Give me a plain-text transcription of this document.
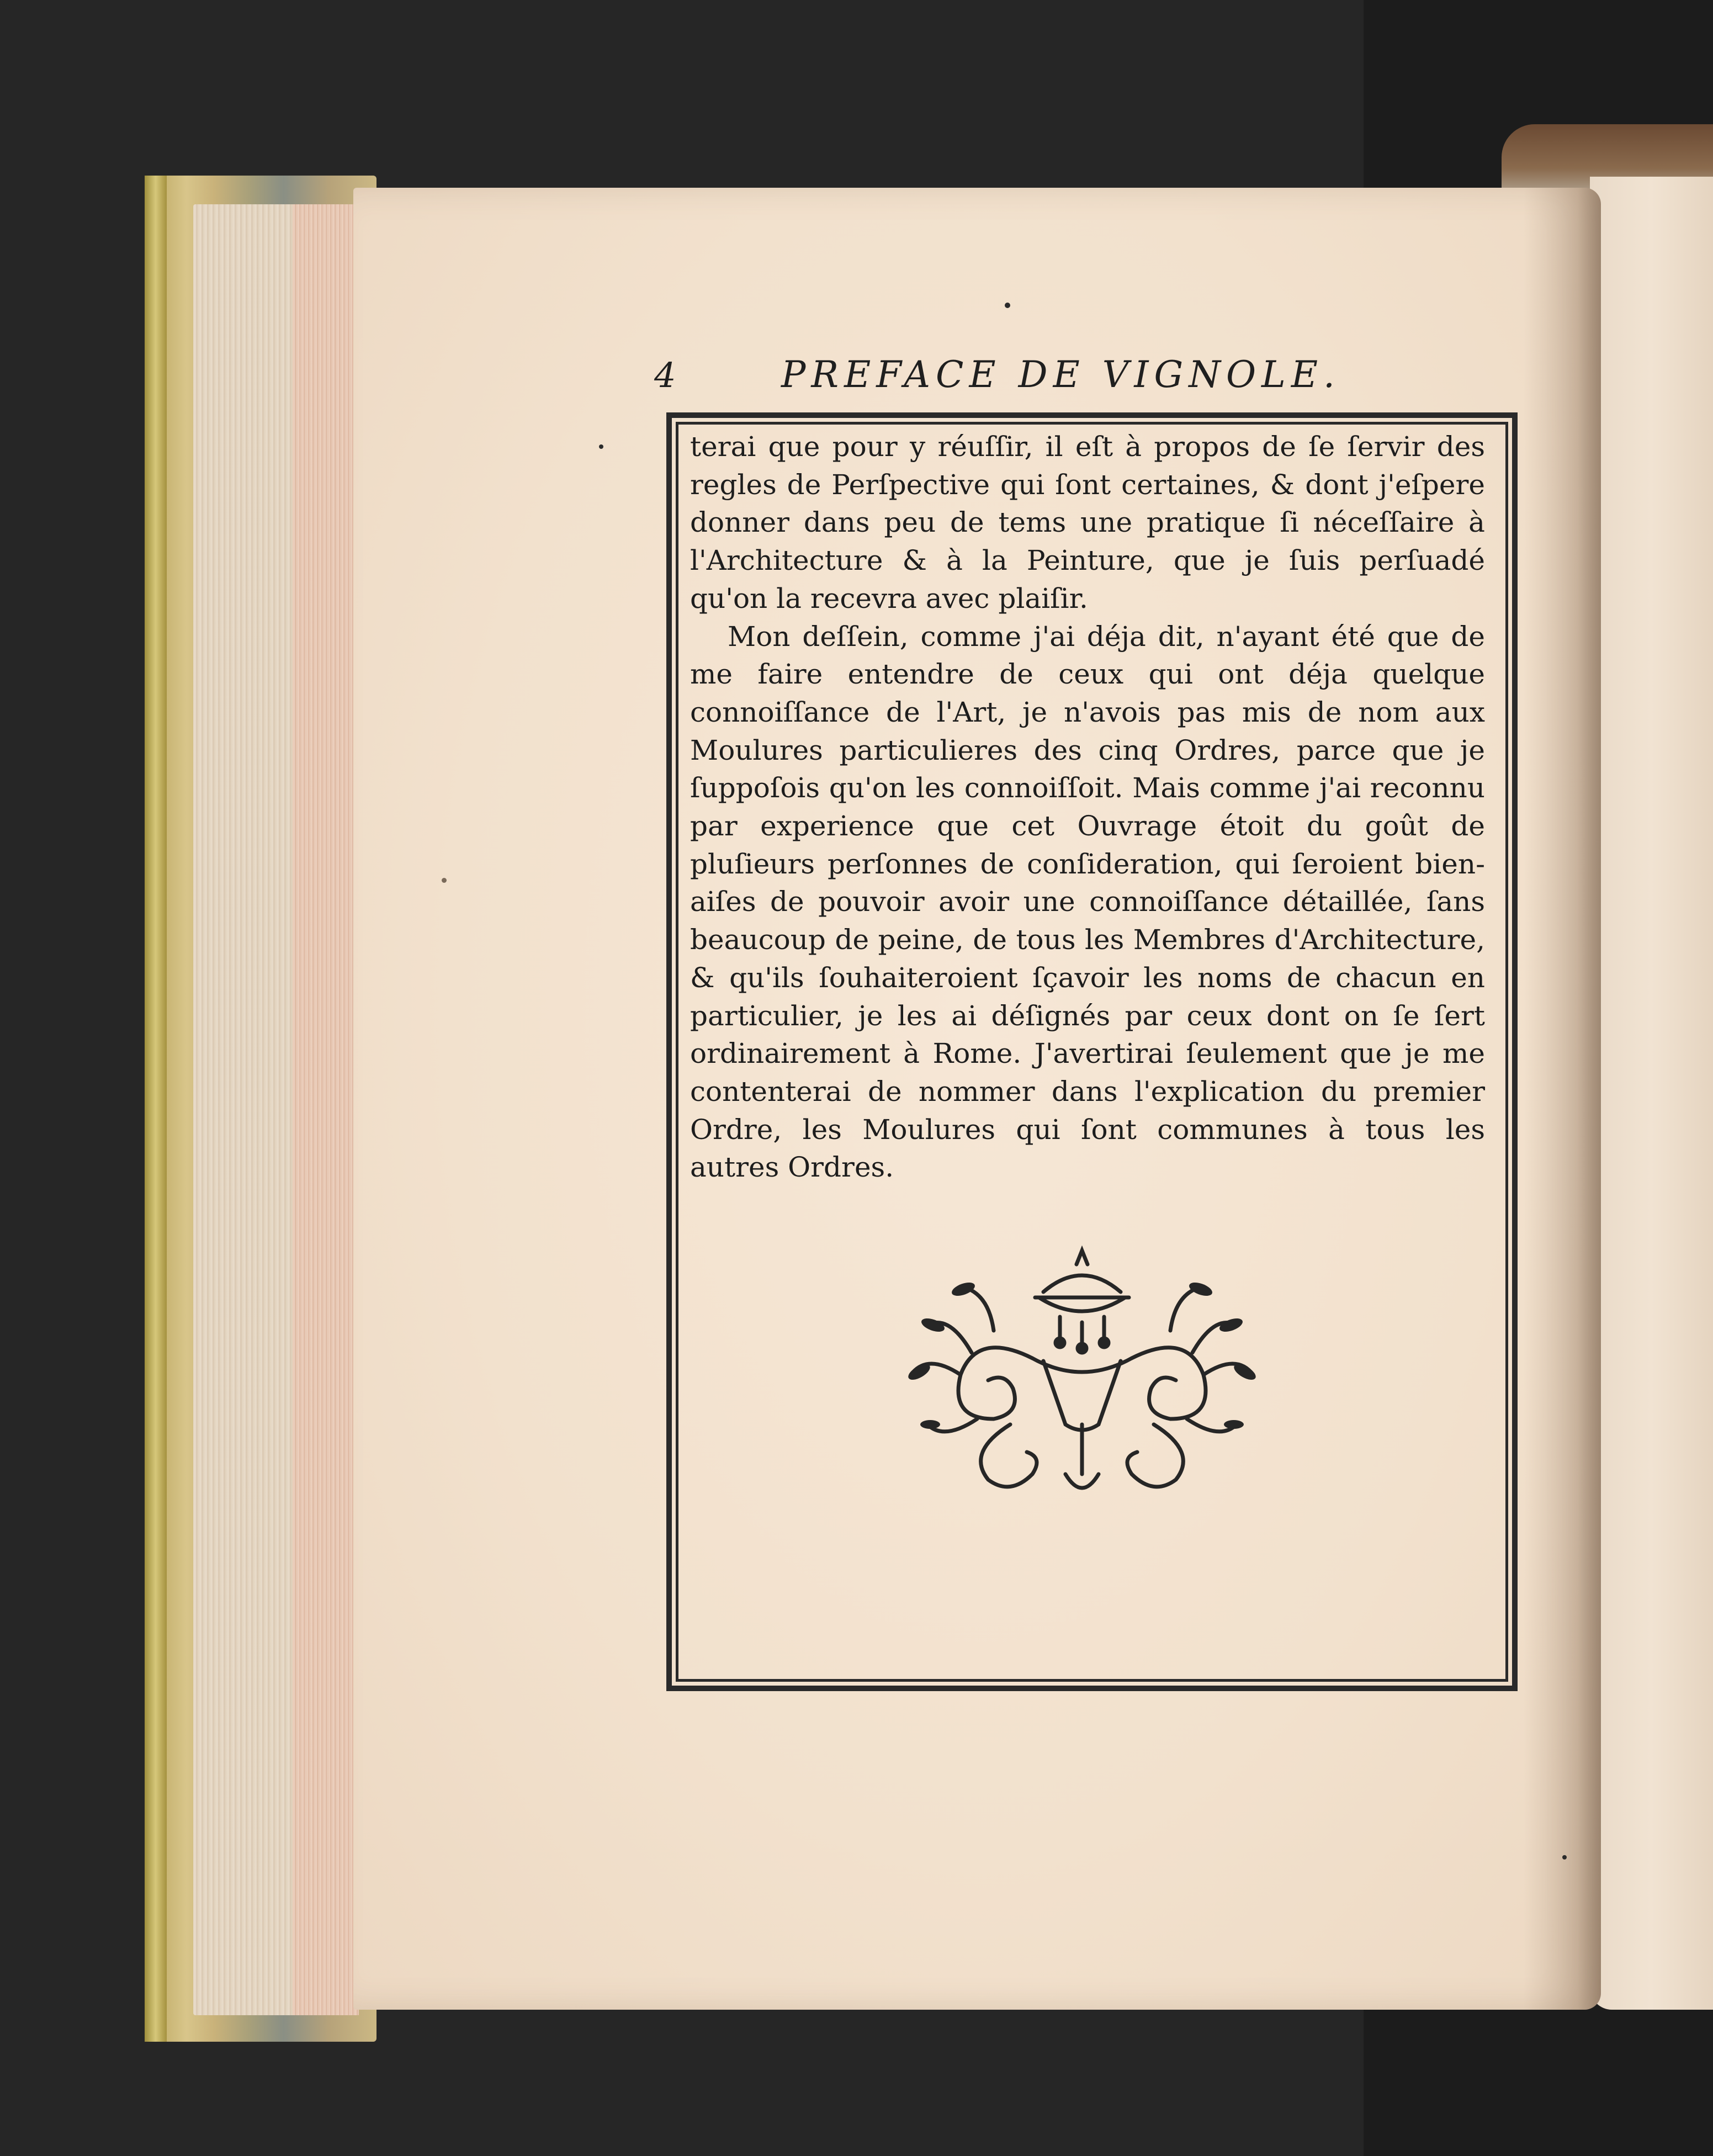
4	PREFACE DE VIGNOLE.

terai que pour y réuſſir, il eſt à propos de ſe ſervir des regles de Perſpective qui ſont certaines, & dont j'eſpere donner dans peu de tems une pratique ſi néceſſaire à l'Architecture & à la Peinture, que je ſuis perſuadé qu'on la recevra avec plaiſir.

Mon deſſein, comme j'ai déja dit, n'ayant été que de me faire entendre de ceux qui ont déja quelque connoiſſance de l'Art, je n'avois pas mis de nom aux Moulures particulieres des cinq Ordres, parce que je ſuppoſois qu'on les connoiſſoit. Mais comme j'ai reconnu par experience que cet Ouvrage étoit du goût de pluſieurs perſonnes de conſideration, qui ſeroient bien-aiſes de pouvoir avoir une connoiſſance détaillée, ſans beaucoup de peine, de tous les Membres d'Architecture, & qu'ils ſouhaiteroient ſçavoir les noms de chacun en particulier, je les ai déſignés par ceux dont on ſe ſert ordinairement à Rome. J'avertirai ſeulement que je me contenterai de nommer dans l'explication du premier Ordre, les Moulures qui ſont communes à tous les autres Ordres.
